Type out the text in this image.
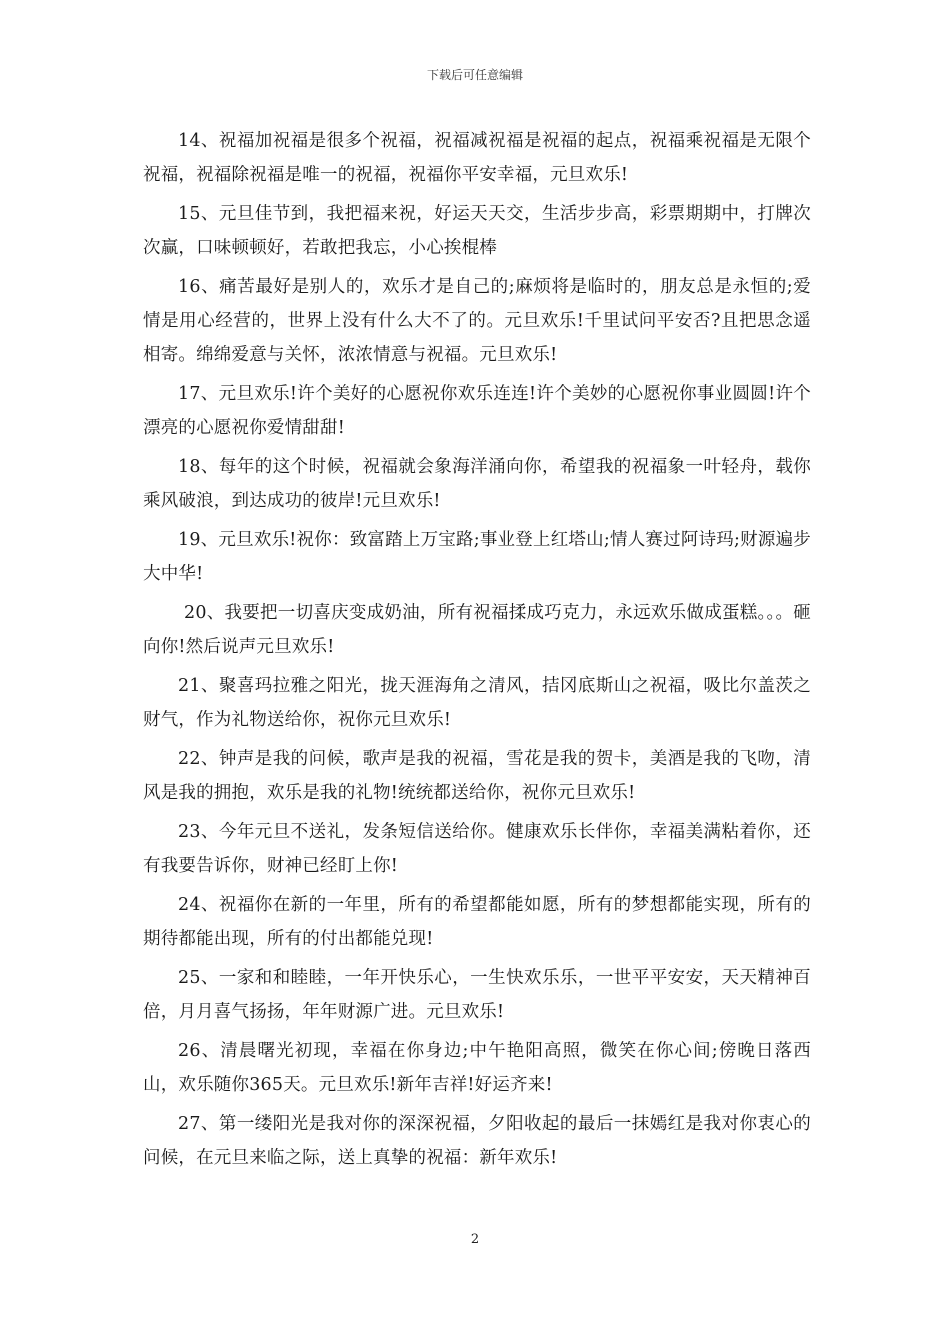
下载后可任意编辑

14、祝福加祝福是很多个祝福，祝福减祝福是祝福的起点，祝福乘祝福是无限个祝福，祝福除祝福是唯一的祝福，祝福你平安幸福，元旦欢乐!

15、元旦佳节到，我把福来祝，好运天天交，生活步步高，彩票期期中，打牌次次赢，口味顿顿好，若敢把我忘，小心挨棍棒

16、痛苦最好是别人的，欢乐才是自己的;麻烦将是临时的，朋友总是永恒的;爱情是用心经营的，世界上没有什么大不了的。元旦欢乐!千里试问平安否?且把思念遥相寄。绵绵爱意与关怀，浓浓情意与祝福。元旦欢乐!

17、元旦欢乐!许个美好的心愿祝你欢乐连连!许个美妙的心愿祝你事业圆圆!许个漂亮的心愿祝你爱情甜甜!

18、每年的这个时候，祝福就会象海洋涌向你，希望我的祝福象一叶轻舟，载你乘风破浪，到达成功的彼岸!元旦欢乐!

19、元旦欢乐!祝你：致富踏上万宝路;事业登上红塔山;情人赛过阿诗玛;财源遍步大中华!

20、我要把一切喜庆变成奶油，所有祝福揉成巧克力，永远欢乐做成蛋糕。。。砸向你!然后说声元旦欢乐!

21、聚喜玛拉雅之阳光，拢天涯海角之清风，拮冈底斯山之祝福，吸比尔盖茨之财气，作为礼物送给你，祝你元旦欢乐!

22、钟声是我的问候，歌声是我的祝福，雪花是我的贺卡，美酒是我的飞吻，清风是我的拥抱，欢乐是我的礼物!统统都送给你，祝你元旦欢乐!

23、今年元旦不送礼，发条短信送给你。健康欢乐长伴你，幸福美满粘着你，还有我要告诉你，财神已经盯上你!

24、祝福你在新的一年里，所有的希望都能如愿，所有的梦想都能实现，所有的期待都能出现，所有的付出都能兑现!

25、一家和和睦睦，一年开快乐心，一生快欢乐乐，一世平平安安，天天精神百倍，月月喜气扬扬，年年财源广进。元旦欢乐!

26、清晨曙光初现，幸福在你身边;中午艳阳高照，微笑在你心间;傍晚日落西山，欢乐随你365天。元旦欢乐!新年吉祥!好运齐来!

27、第一缕阳光是我对你的深深祝福，夕阳收起的最后一抹嫣红是我对你衷心的问候，在元旦来临之际，送上真挚的祝福：新年欢乐!

2
